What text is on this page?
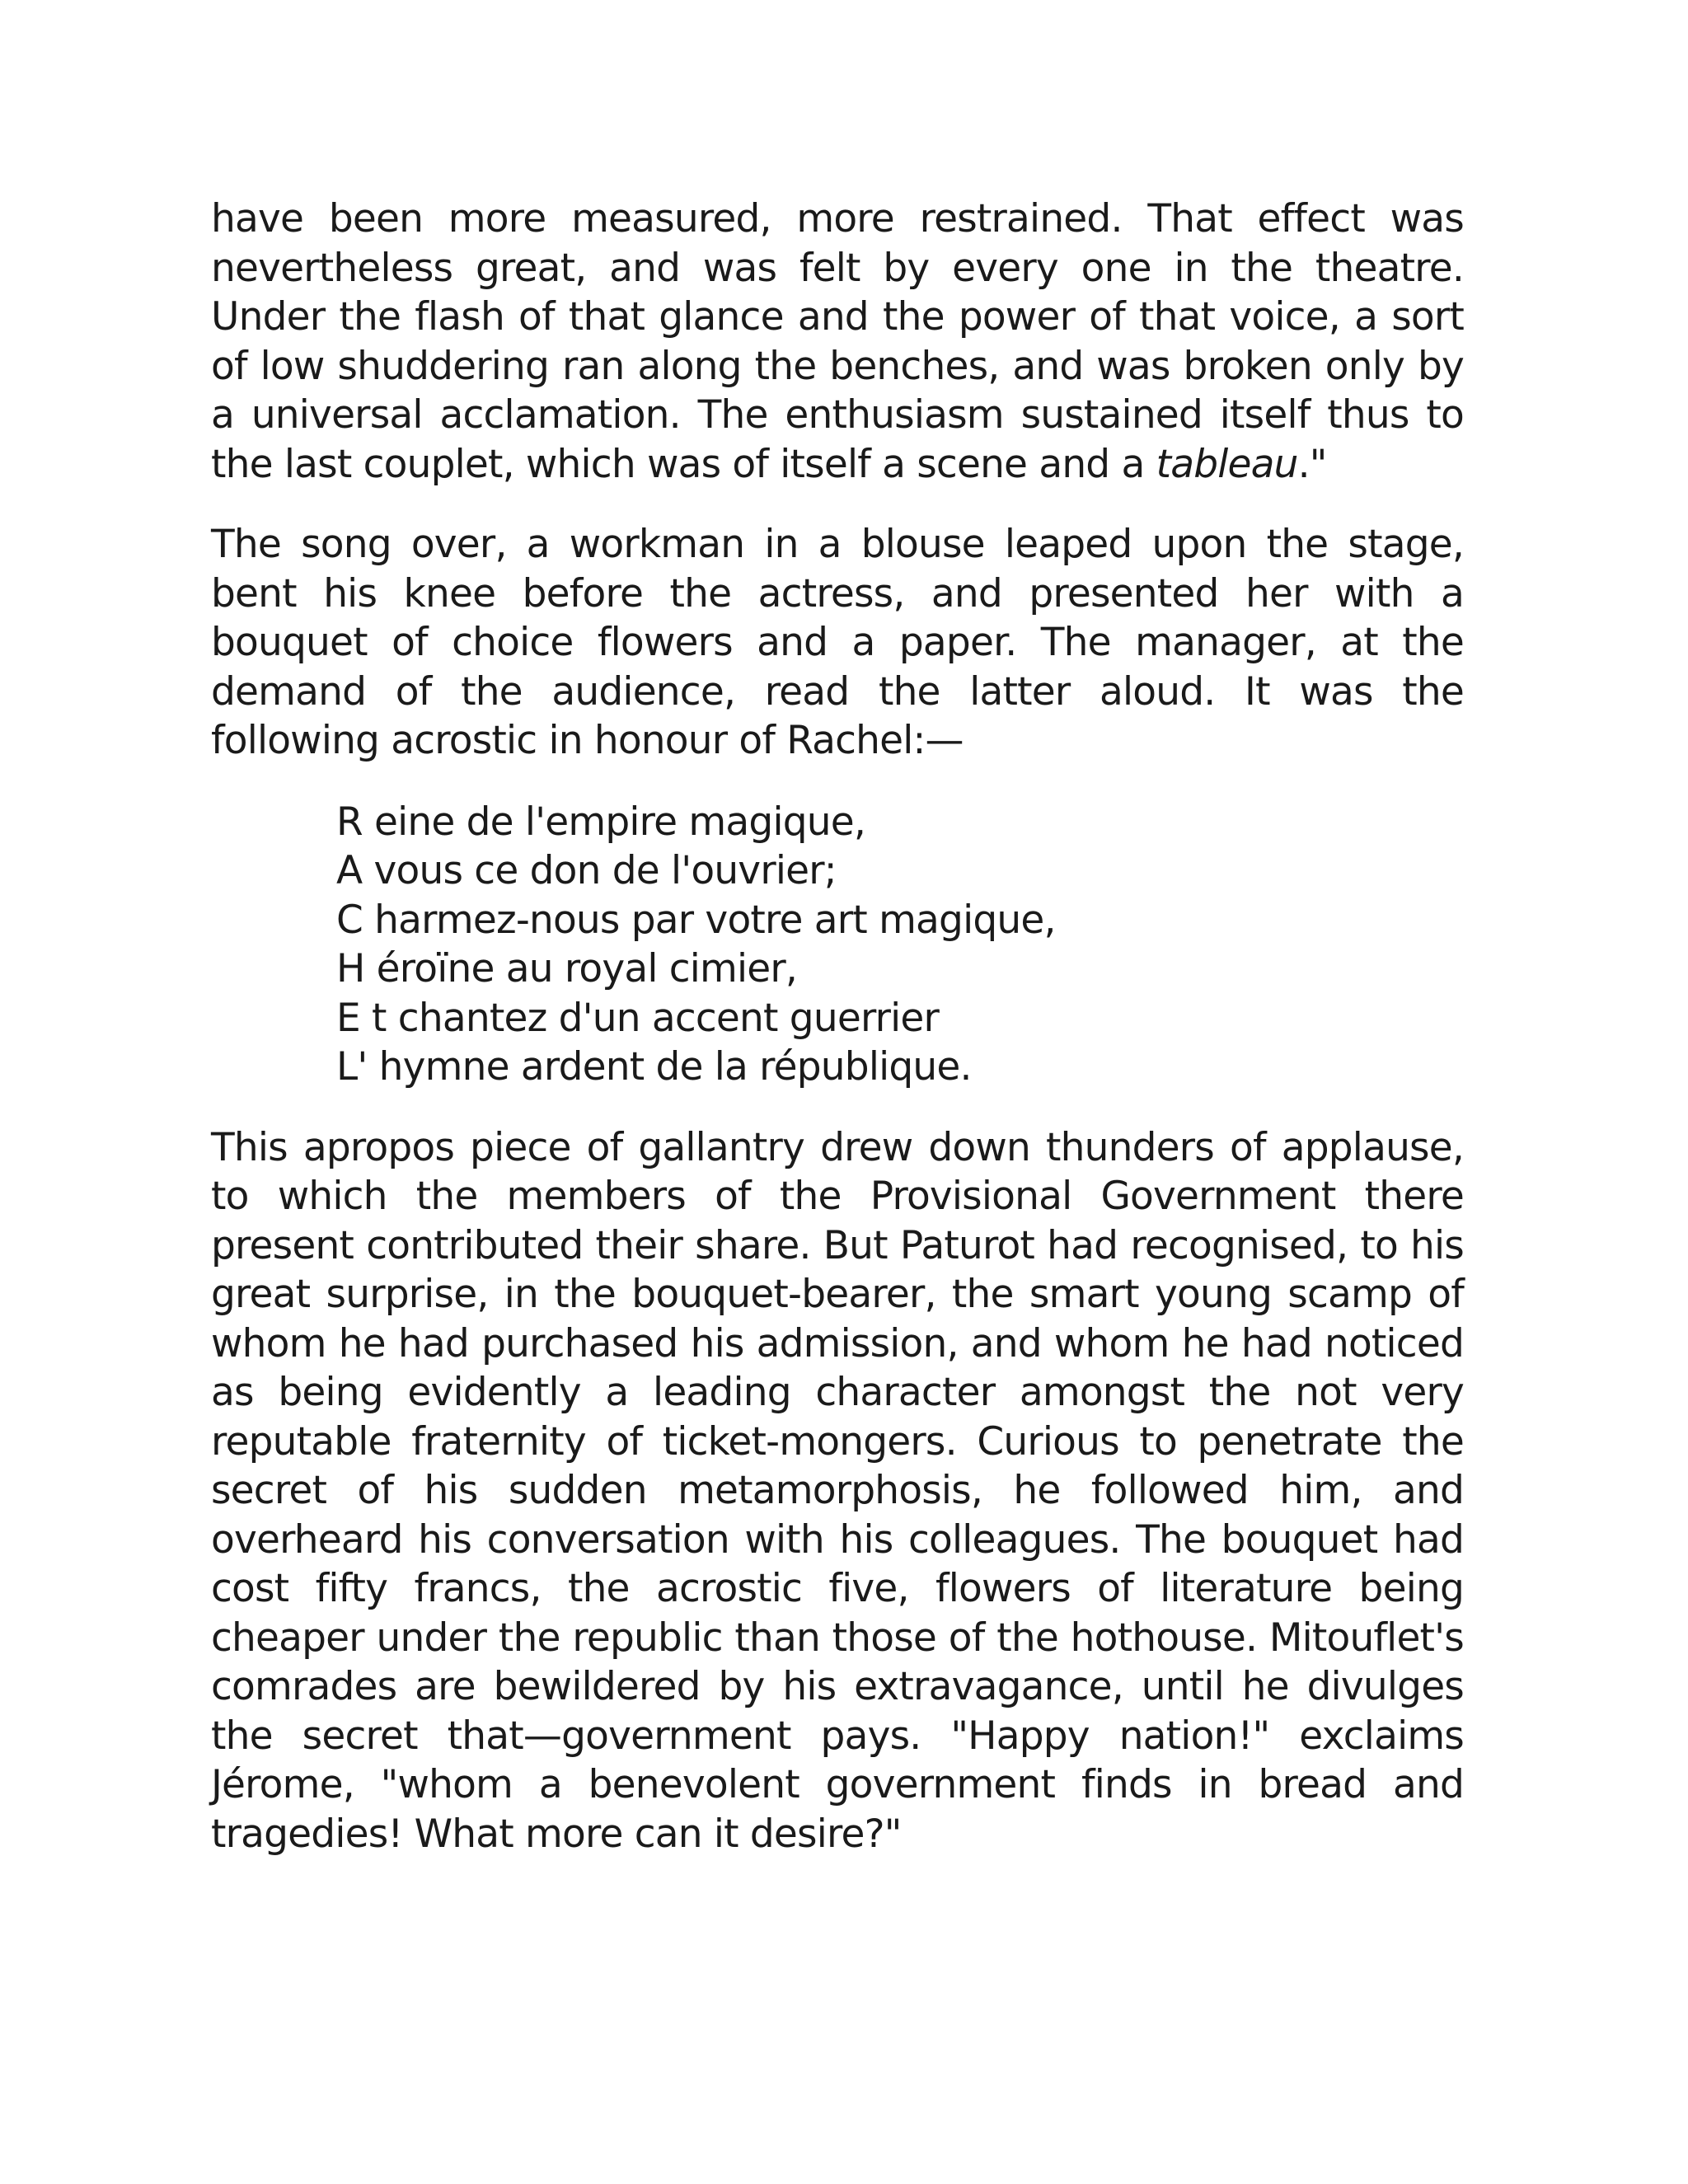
have been more measured, more restrained. That effect was nevertheless great, and was felt by every one in the theatre. Under the flash of that glance and the power of that voice, a sort of low shuddering ran along the benches, and was broken only by a universal acclamation. The enthusiasm sustained itself thus to the last couplet, which was of itself a scene and a tableau."

The song over, a workman in a blouse leaped upon the stage, bent his knee before the actress, and presented her with a bouquet of choice flowers and a paper. The manager, at the demand of the audience, read the latter aloud. It was the following acrostic in honour of Rachel:—

R eine de l'empire magique,
A vous ce don de l'ouvrier;
C harmez-nous par votre art magique,
H éroïne au royal cimier,
E t chantez d'un accent guerrier
L' hymne ardent de la république.

This apropos piece of gallantry drew down thunders of applause, to which the members of the Provisional Government there present contributed their share. But Paturot had recognised, to his great surprise, in the bouquet-bearer, the smart young scamp of whom he had purchased his admission, and whom he had noticed as being evidently a leading character amongst the not very reputable fraternity of ticket-mongers. Curious to penetrate the secret of his sudden metamorphosis, he followed him, and overheard his conversation with his colleagues. The bouquet had cost fifty francs, the acrostic five, flowers of literature being cheaper under the republic than those of the hothouse. Mitouflet's comrades are bewildered by his extravagance, until he divulges the secret that—government pays. "Happy nation!" exclaims Jérome, "whom a benevolent government finds in bread and tragedies! What more can it desire?"
